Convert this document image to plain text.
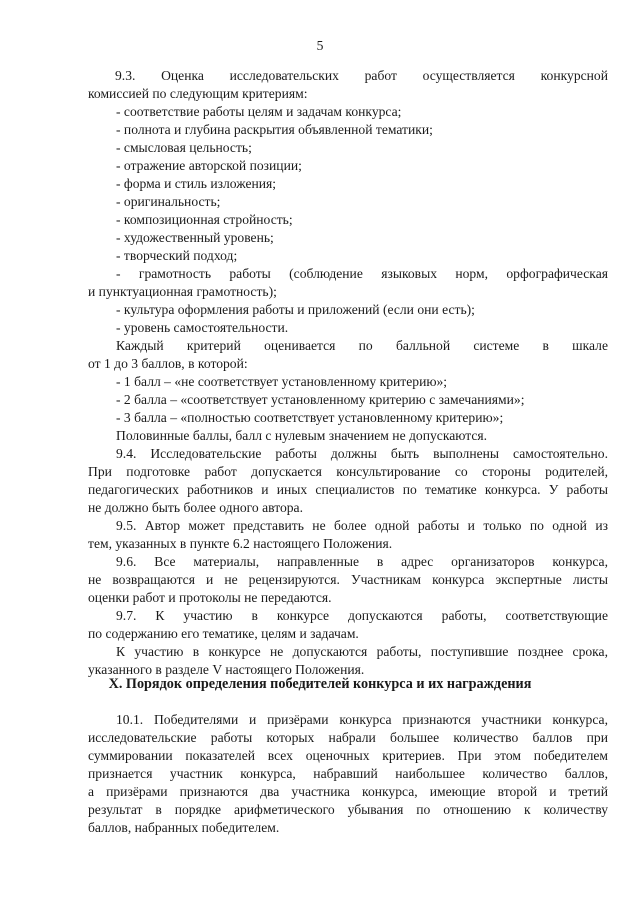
5
9.3. Оценка исследовательских работ осуществляется конкурсной
комиссией по следующим критериям:
- соответствие работы целям и задачам конкурса;
- полнота и глубина раскрытия объявленной тематики;
- смысловая цельность;
- отражение авторской позиции;
- форма и стиль изложения;
- оригинальность;
- композиционная стройность;
- художественный уровень;
- творческий подход;
- грамотность работы (соблюдение языковых норм, орфографическая
и пунктуационная грамотность);
- культура оформления работы и приложений (если они есть);
- уровень самостоятельности.
Каждый критерий оценивается по балльной системе в шкале
от 1 до 3 баллов, в которой:
- 1 балл – «не соответствует установленному критерию»;
- 2 балла – «соответствует установленному критерию с замечаниями»;
- 3 балла – «полностью соответствует установленному критерию»;
Половинные баллы, балл с нулевым значением не допускаются.
9.4. Исследовательские работы должны быть выполнены самостоятельно.
При подготовке работ допускается консультирование со стороны родителей,
педагогических работников и иных специалистов по тематике конкурса. У работы
не должно быть более одного автора.
9.5. Автор может представить не более одной работы и только по одной из
тем, указанных в пункте 6.2 настоящего Положения.
9.6. Все материалы, направленные в адрес организаторов конкурса,
не возвращаются и не рецензируются. Участникам конкурса экспертные листы
оценки работ и протоколы не передаются.
9.7. К участию в конкурсе допускаются работы, соответствующие
по содержанию его тематике, целям и задачам.
К участию в конкурсе не допускаются работы, поступившие позднее срока,
указанного в разделе V настоящего Положения.
X. Порядок определения победителей конкурса и их награждения
10.1. Победителями и призёрами конкурса признаются участники конкурса,
исследовательские работы которых набрали большее количество баллов при
суммировании показателей всех оценочных критериев. При этом победителем
признается участник конкурса, набравший наибольшее количество баллов,
а призёрами признаются два участника конкурса, имеющие второй и третий
результат в порядке арифметического убывания по отношению к количеству
баллов, набранных победителем.
